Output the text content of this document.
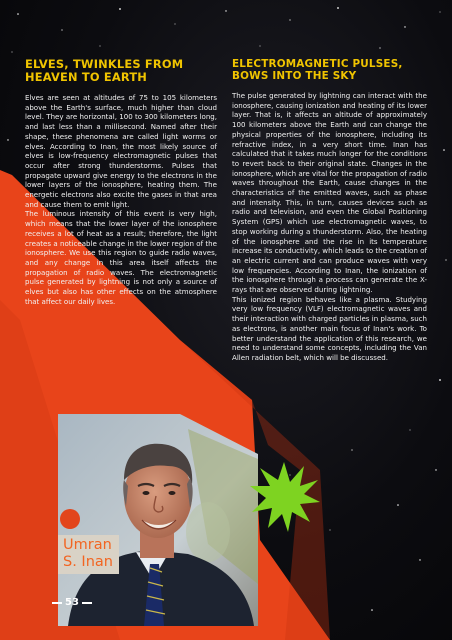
Umran
S. Inan
ELVES, TWINKLES FROM HEAVEN TO EARTH

Elves are seen at altitudes of 75 to 105 kilometers above the Earth's surface, much higher than cloud level. They are horizontal, 100 to 300 kilometers long, and last less than a millisecond. Named after their shape, these phenomena are called light worms or elves. According to Inan, the most likely source of elves is low-frequency electromagnetic pulses that occur after strong thunderstorms. Pulses that propagate upward give energy to the electrons in the lower layers of the ionosphere, heating them. The energetic electrons also excite the gases in that area and cause them to emit light.

The luminous intensity of this event is very high, which means that the lower layer of the ionosphere receives a lot of heat as a result; therefore, the light creates a noticeable change in the lower region of the ionosphere. We use this region to guide radio waves, and any change in this area itself affects the propagation of radio waves. The electromagnetic pulse generated by lightning is not only a source of elves but also has other effects on the atmosphere that affect our daily lives.

ELECTROMAGNETIC PULSES, BOWS INTO THE SKY

The pulse generated by lightning can interact with the ionosphere, causing ionization and heating of its lower layer. That is, it affects an altitude of approximately 100 kilometers above the Earth and can change the physical properties of the ionosphere, including its refractive index, in a very short time. Inan has calculated that it takes much longer for the conditions to revert back to their original state. Changes in the ionosphere, which are vital for the propagation of radio waves throughout the Earth, cause changes in the characteristics of the emitted waves, such as phase and intensity. This, in turn, causes devices such as radio and television, and even the Global Positioning System (GPS) which use electromagnetic waves, to stop working during a thunderstorm. Also, the heating of the ionosphere and the rise in its temperature increase its conductivity, which leads to the creation of an electric current and can produce waves with very low frequencies. According to Inan, the ionization of the ionosphere through a process can generate the X-rays that are observed during lightning.

This ionized region behaves like a plasma. Studying very low frequency (VLF) electromagnetic waves and their interaction with charged particles in plasma, such as electrons, is another main focus of Inan's work. To better understand the application of this research, we need to understand some concepts, including the Van Allen radiation belt, which will be discussed.

53
